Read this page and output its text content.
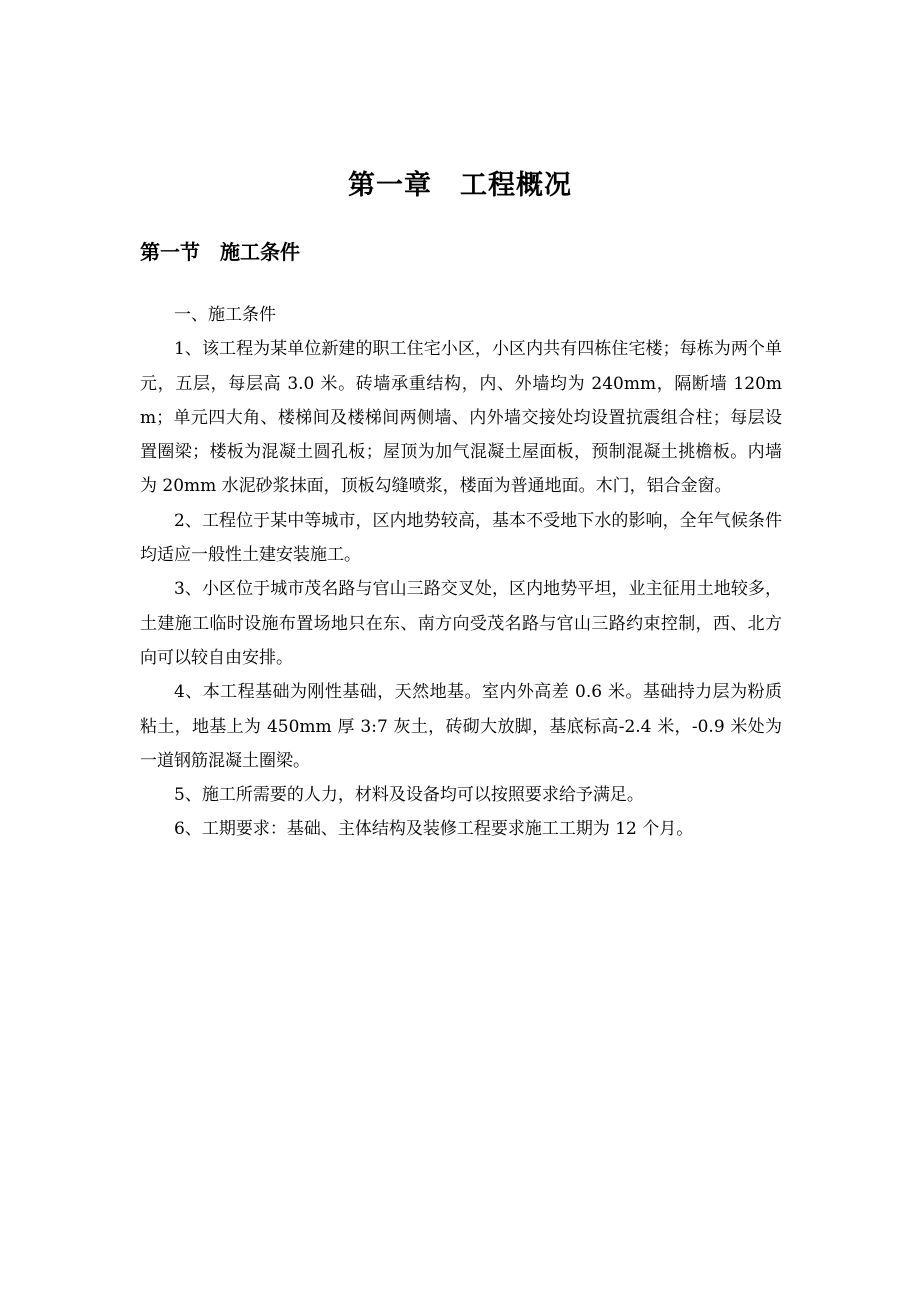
第一章　工程概况
第一节　施工条件

一、施工条件

1、该工程为某单位新建的职工住宅小区，小区内共有四栋住宅楼；每栋为两个单元，五层，每层高 3.0 米。砖墙承重结构，内、外墙均为 240mm，隔断墙 120mm；单元四大角、楼梯间及楼梯间两侧墙、内外墙交接处均设置抗震组合柱；每层设置圈梁；楼板为混凝土圆孔板；屋顶为加气混凝土屋面板，预制混凝土挑檐板。内墙为 20mm 水泥砂浆抹面，顶板勾缝喷浆，楼面为普通地面。木门，铝合金窗。

2、工程位于某中等城市，区内地势较高，基本不受地下水的影响，全年气候条件均适应一般性土建安装施工。

3、小区位于城市茂名路与官山三路交叉处，区内地势平坦，业主征用土地较多，土建施工临时设施布置场地只在东、南方向受茂名路与官山三路约束控制，西、北方向可以较自由安排。

4、本工程基础为刚性基础，天然地基。室内外高差 0.6 米。基础持力层为粉质粘土，地基上为 450mm 厚 3:7 灰土，砖砌大放脚，基底标高-2.4 米，-0.9 米处为一道钢筋混凝土圈梁。

5、施工所需要的人力，材料及设备均可以按照要求给予满足。

6、工期要求：基础、主体结构及装修工程要求施工工期为 12 个月。
